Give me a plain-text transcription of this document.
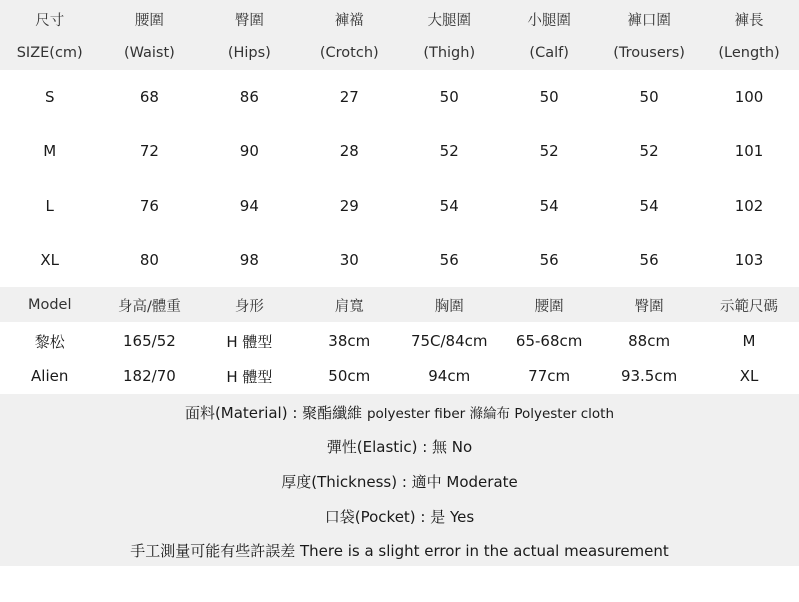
尺寸	腰圍	臀圍	褲襠	大腿圍	小腿圍	褲口圍	褲長
SIZE(cm)	(Waist)	(Hips)	(Crotch)	(Thigh)	(Calf)	(Trousers)	(Length)
S	68	86	27	50	50	50	100
M	72	90	28	52	52	52	101
L	76	94	29	54	54	54	102
XL	80	98	30	56	56	56	103
Model	身高/體重	身形	肩寬	胸圍	腰圍	臀圍	示範尺碼
黎松	165/52	H 體型	38cm	75C/84cm	65-68cm	88cm	M
Alien	182/70	H 體型	50cm	94cm	77cm	93.5cm	XL
面料(Material) : 聚酯纖維 polyester fiber 滌綸布 Polyester cloth
彈性(Elastic) : 無 No
厚度(Thickness) : 適中 Moderate
口袋(Pocket) : 是 Yes
手工測量可能有些許誤差 There is a slight error in the actual measurement
